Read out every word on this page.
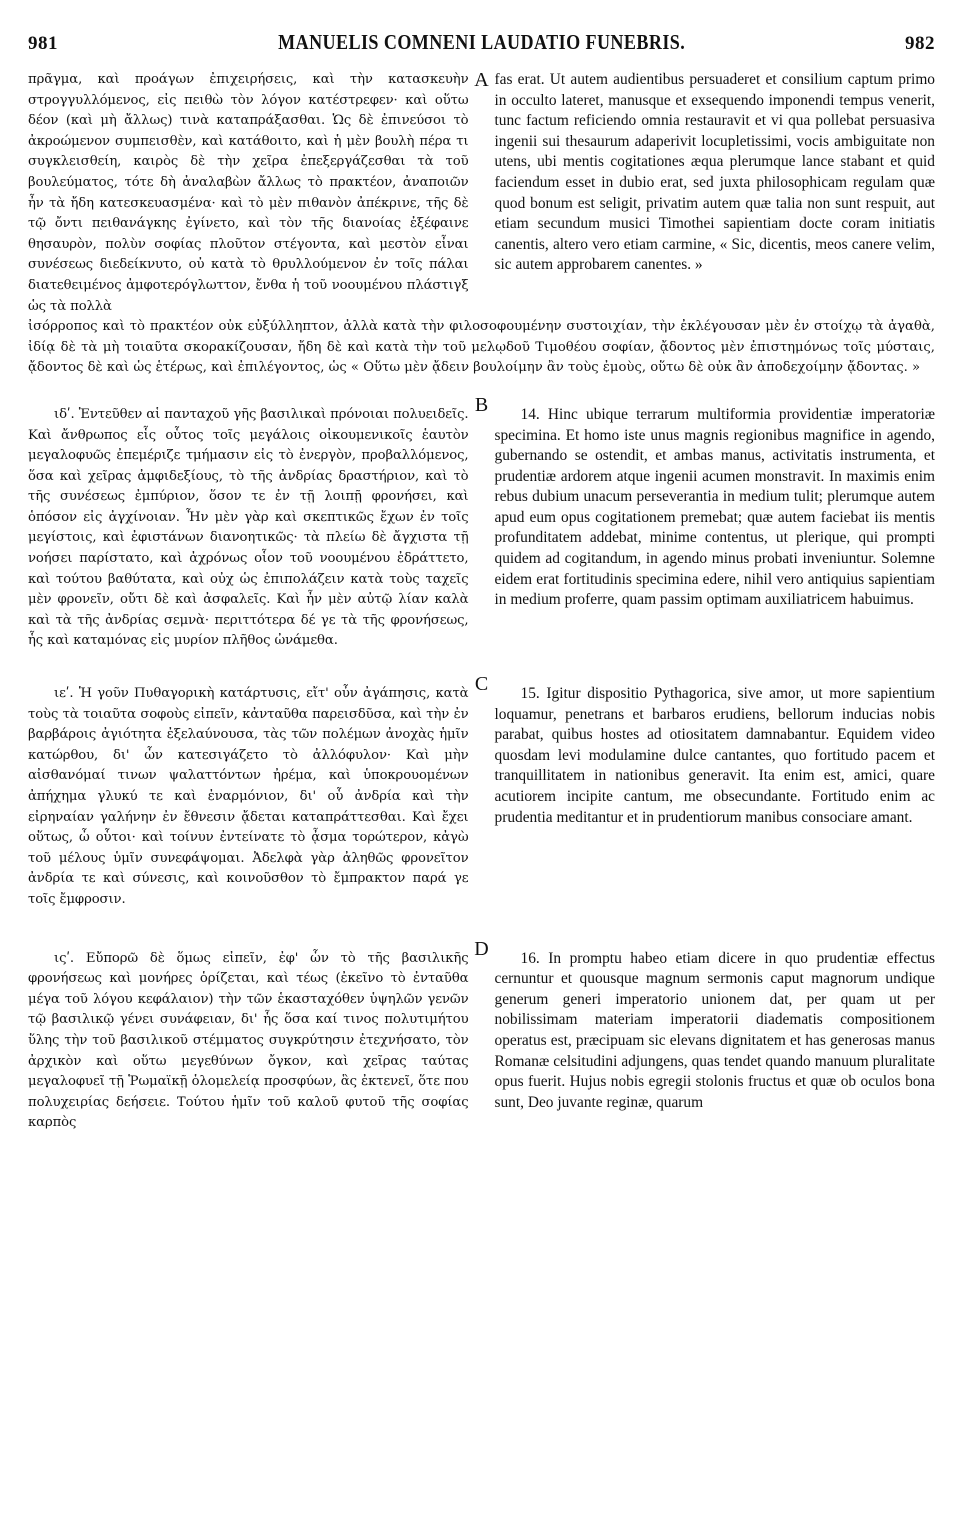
981	MANUELIS COMNENI LAUDATIO FUNEBRIS.	982
πρᾶγμα, καὶ προάγων ἐπιχειρήσεις, καὶ τὴν κατασκευὴν στρογγυλλόμενος, εἰς πειθὼ τὸν λόγον κατέστρεφεν· καὶ οὕτω δέον (καὶ μὴ ἄλλως) τινὰ καταπράξασθαι. Ὡς δὲ ἐπινεύσοι τὸ ἀκροώμενον συμπεισθὲν, καὶ κατάθοιτο, καὶ ἡ μὲν βουλὴ πέρα τι συγκλεισθείη, καιρὸς δὲ τὴν χεῖρα ἐπεξεργάζεσθαι τὰ τοῦ βουλεύματος, τότε δὴ ἀναλαβὼν ἄλλως τὸ πρακτέον, ἀναποιῶν ἦν τὰ ἤδη κατεσκευασμένα· καὶ τὸ μὲν πιθανὸν ἀπέκρινε, τῆς δὲ τῷ ὄντι πειθανάγκης ἐγίνετο, καὶ τὸν τῆς διανοίας ἐξέφαινε θησαυρὸν, πολὺν σοφίας πλοῦτον στέγοντα, καὶ μεστὸν εἶναι συνέσεως διεδείκνυτο, οὐ κατὰ τὸ θρυλλούμενον ἐν τοῖς πάλαι διατεθειμένος ἀμφοτερόγλωττον, ἔνθα ἡ τοῦ νοουμένου πλάστιγξ ὡς τὰ πολλὰ
A fas erat. Ut autem audientibus persuaderet et consilium captum primo in occulto lateret, manusque et exsequendo imponendi tempus venerit, tunc factum reficiendo omnia restauravit et vi qua pollebat persuasiva ingenii sui thesaurum adaperivit locupletissimi, vocis ambiguitate non utens, ubi mentis cogitationes æqua plerumque lance stabant et quid faciendum esset in dubio erat, sed juxta philosophicam regulam quæ quod bonum est seligit, privatim autem quæ talia non sunt respuit, aut etiam secundum musici Timothei sapientiam docte coram initiatis canentis, altero vero etiam carmine, « Sic, dicentis, meos canere velim, sic autem approbarem canentes. »
ἰσόρροπος καὶ τὸ πρακτέον οὐκ εὐξύλληπτον, ἀλλὰ κατὰ τὴν φιλοσοφουμένην συστοιχίαν, τὴν ἐκλέγουσαν μὲν ἐν στοίχῳ τὰ ἀγαθὰ, ἰδίᾳ δὲ τὰ μὴ τοιαῦτα σκορακίζουσαν, ἤδη δὲ καὶ κατὰ τὴν τοῦ μελῳδοῦ Τιμοθέου σοφίαν, ᾄδοντος μὲν ἐπιστημόνως τοῖς μύσταις, ᾄδοντος δὲ καὶ ὡς ἑτέρως, καὶ ἐπιλέγοντος, ὡς « Οὕτω μὲν ᾄδειν βουλοίμην ἂν τοὺς ἐμοὺς, οὕτω δὲ οὐκ ἂν ἀποδεχοίμην ᾄδοντας. »
ιδʹ. Ἐντεῦθεν αἱ πανταχοῦ γῆς βασιλικαὶ πρόνοιαι πολυειδεῖς. Καὶ ἄνθρωπος εἷς οὗτος τοῖς μεγάλοις οἰκουμενικοῖς ἑαυτὸν μεγαλοφυῶς ἐπεμέριζε τμήμασιν εἰς τὸ ἐνεργὸν, προβαλλόμενος, ὅσα καὶ χεῖρας ἀμφιδεξίους, τὸ τῆς ἀνδρίας δραστήριον, καὶ τὸ τῆς συνέσεως ἐμπύριον, ὅσον τε ἐν τῇ λοιπῇ φρονήσει, καὶ ὁπόσον εἰς ἀγχίνοιαν. Ἦν μὲν γὰρ καὶ σκεπτικῶς ἔχων ἐν τοῖς μεγίστοις, καὶ ἐφιστάνων διανοητικῶς· τὰ πλείω δὲ ἄγχιστα τῇ νοήσει παρίστατο, καὶ ἀχρόνως οἷον τοῦ νοουμένου ἐδράττετο, καὶ τούτου βαθύτατα, καὶ οὐχ ὡς ἐπιπολάζειν κατὰ τοὺς ταχεῖς μὲν φρονεῖν, οὔτι δὲ καὶ ἀσφαλεῖς. Καὶ ἦν μὲν αὐτῷ λίαν καλὰ καὶ τὰ τῆς ἀνδρίας σεμνὰ· περιττότερα δέ γε τὰ τῆς φρονήσεως, ἧς καὶ καταμόνας εἰς μυρίον πλῆθος ὠνάμεθα.
B	14. Hinc ubique terrarum multiformia providentiæ imperatoriæ specimina. Et homo iste unus magnis regionibus magnifice in agendo, gubernando se ostendit, et ambas manus, activitatis instrumenta, et prudentiæ ardorem atque ingenii acumen monstravit. In maximis enim rebus dubium unacum perseverantia in medium tulit; plerumque autem apud eum opus cogitationem premebat; quæ autem faciebat iis mentis profunditatem addebat, minime contentus, ut plerique, qui prompti quidem ad cogitandum, in agendo minus probati inveniuntur. Solemne eidem erat fortitudinis specimina edere, nihil vero antiquius sapientiam in medium proferre, quam passim optimam auxiliatricem habuimus.
ιεʹ. Ἡ γοῦν Πυθαγορικὴ κατάρτυσις, εἴτ' οὖν ἀγάπησις, κατὰ τοὺς τὰ τοιαῦτα σοφοὺς εἰπεῖν, κἀνταῦθα παρεισδῦσα, καὶ τὴν ἐν βαρβάροις ἀγιότητα ἐξελαύνουσα, τὰς τῶν πολέμων ἀνοχὰς ἡμῖν κατώρθου, δι' ὧν κατεσιγάζετο τὸ ἀλλόφυλον· Καὶ μὴν αἰσθανόμαί τινων ψαλαττόντων ἠρέμα, καὶ ὑποκρουομένων ἀπήχημα γλυκύ τε καὶ ἐναρμόνιον, δι' οὗ ἀνδρία καὶ τὴν εἰρηναίαν γαλήνην ἐν ἔθνεσιν ᾄδεται καταπράττεσθαι. Καὶ ἔχει οὕτως, ὦ οὗτοι· καὶ τοίνυν ἐντείνατε τὸ ᾆσμα τορώτερον, κἀγὼ τοῦ μέλους ὑμῖν συνεφάψομαι. Ἀδελφὰ γὰρ ἀληθῶς φρονεῖτον ἀνδρία τε καὶ σύνεσις, καὶ κοινοῦσθον τὸ ἔμπρακτον παρά γε τοῖς ἔμφροσιν.
C	15. Igitur dispositio Pythagorica, sive amor, ut more sapientium loquamur, penetrans et barbaros erudiens, bellorum inducias nobis parabat, quibus hostes ad otiositatem damnabantur. Equidem video quosdam levi modulamine dulce cantantes, quo fortitudo pacem et tranquillitatem in nationibus generavit. Ita enim est, amici, quare acutiorem incipite cantum, me obsecundante. Fortitudo enim ac prudentia meditantur et in prudentiorum manibus consociare amant.
ιςʹ. Εὔπορῶ δὲ ὅμως εἰπεῖν, ἐφ' ὧν τὸ τῆς βασιλικῆς φρονήσεως καὶ μονήρες ὁρίζεται, καὶ τέως (ἐκεῖνο τὸ ἐνταῦθα μέγα τοῦ λόγου κεφάλαιον) τὴν τῶν ἑκασταχόθεν ὑψηλῶν γενῶν τῷ βασιλικῷ γένει συνάφειαν, δι' ἧς ὅσα καί τινος πολυτιμήτου ὕλης τὴν τοῦ βασιλικοῦ στέμματος συγκρύτησιν ἐτεχνήσατο, τὸν ἀρχικὸν καὶ οὕτω μεγεθύνων ὄγκον, καὶ χεῖρας ταύτας μεγαλοφυεῖ τῇ Ῥωμαϊκῇ ὁλομελείᾳ προσφύων, ἃς ἐκτενεῖ, ὅτε που πολυχειρίας δεήσειε. Τούτου ἡμῖν τοῦ καλοῦ φυτοῦ τῆς σοφίας καρπὸς
D	16. In promptu habeo etiam dicere in quo prudentiæ effectus cernuntur et quousque magnum sermonis caput magnorum undique generum generi imperatorio unionem dat, per quam ut per nobilissimam materiam imperatorii diadematis compositionem operatus est, præcipuam sic elevans dignitatem et has generosas manus Romanæ celsitudini adjungens, quas tendet quando manuum pluralitate opus fuerit. Hujus nobis egregii stolonis fructus et quæ ob oculos bona sunt, Deo juvante reginæ, quarum
